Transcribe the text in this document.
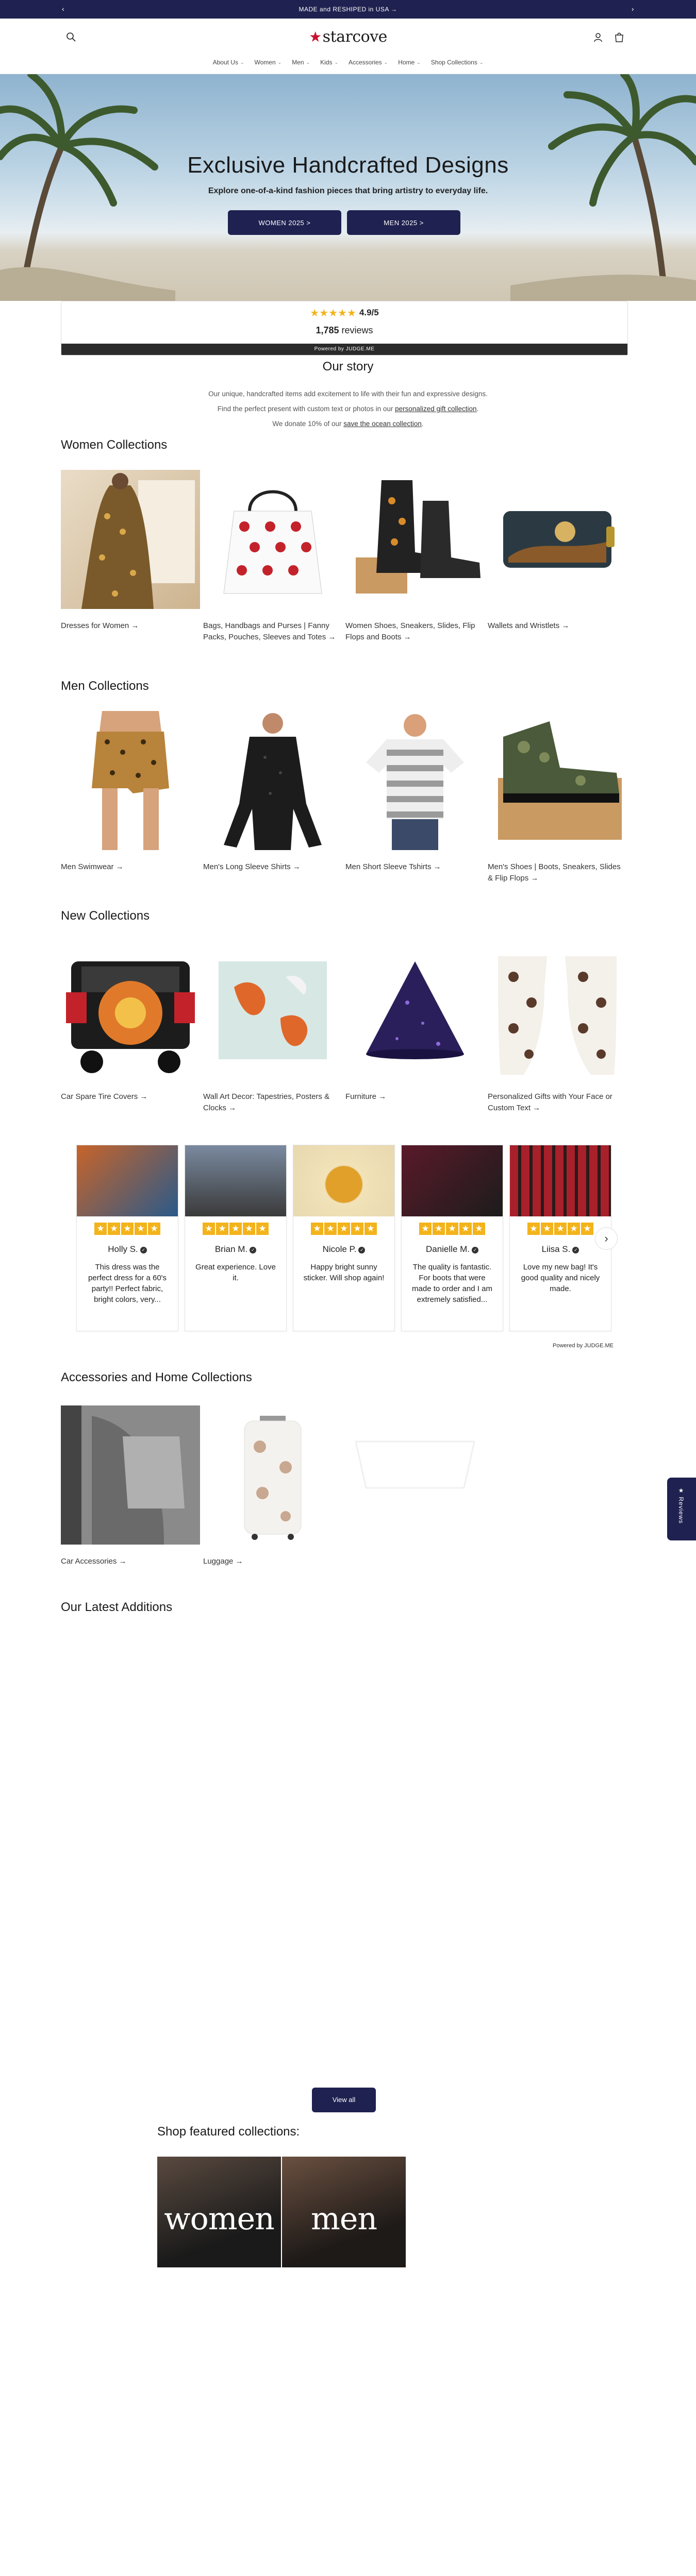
‹	MADE and RESHIPED in USA →	›
★starcove
About Us ⌄ Women ⌄ Men ⌄ Kids ⌄ Accessories ⌄ Home ⌄ Shop Collections ⌄
Exclusive Handcrafted Designs

Explore one-of-a-kind fashion pieces that bring artistry to everyday life.

WOMEN 2025 >	MEN 2025 >
★★★★★ 4.9/5
1,785 reviews
Powered by JUDGE.ME
Our story
Our unique, handcrafted items add excitement to life with their fun and expressive designs.
Find the perfect present with custom text or photos in our personalized gift collection.
We donate 10% of our save the ocean collection.
Women Collections
Dresses for Women →	Bags, Handbags and Purses | Fanny Packs, Pouches, Sleeves and Totes →
Women Shoes, Sneakers, Slides, Flip Flops and Boots →
Wallets and Wristlets →
Men Collections
Men Swimwear →	Men's Long Sleeve Shirts →	Men Short Sleeve Tshirts →	Men's Shoes | Boots, Sneakers, Slides & Flip Flops →
New Collections
Car Spare Tire Covers →	Wall Art Decor: Tapestries, Posters & Clocks →
Furniture →	Personalized Gifts with Your Face or Custom Text →
★ ★ ★ ★ ★
Holly S. ✓
This dress was the perfect dress for a 60's party!! Perfect fabric, bright colors, very...
★ ★ ★ ★ ★
Brian M. ✓
Great experience. Love it.
★ ★ ★ ★ ★
Nicole P. ✓
Happy bright sunny sticker. Will shop again!
★ ★ ★ ★ ★
Danielle M. ✓
The quality is fantastic. For boots that were made to order and I am extremely satisfied...
★ ★ ★ ★ ★
Liisa S. ✓
Love my new bag! It's good quality and nicely made.
›
Powered by JUDGE.ME
Accessories and Home Collections
Car Accessories →	Luggage →
Our Latest Additions
View all
Shop featured collections:
women	men
★ Reviews
